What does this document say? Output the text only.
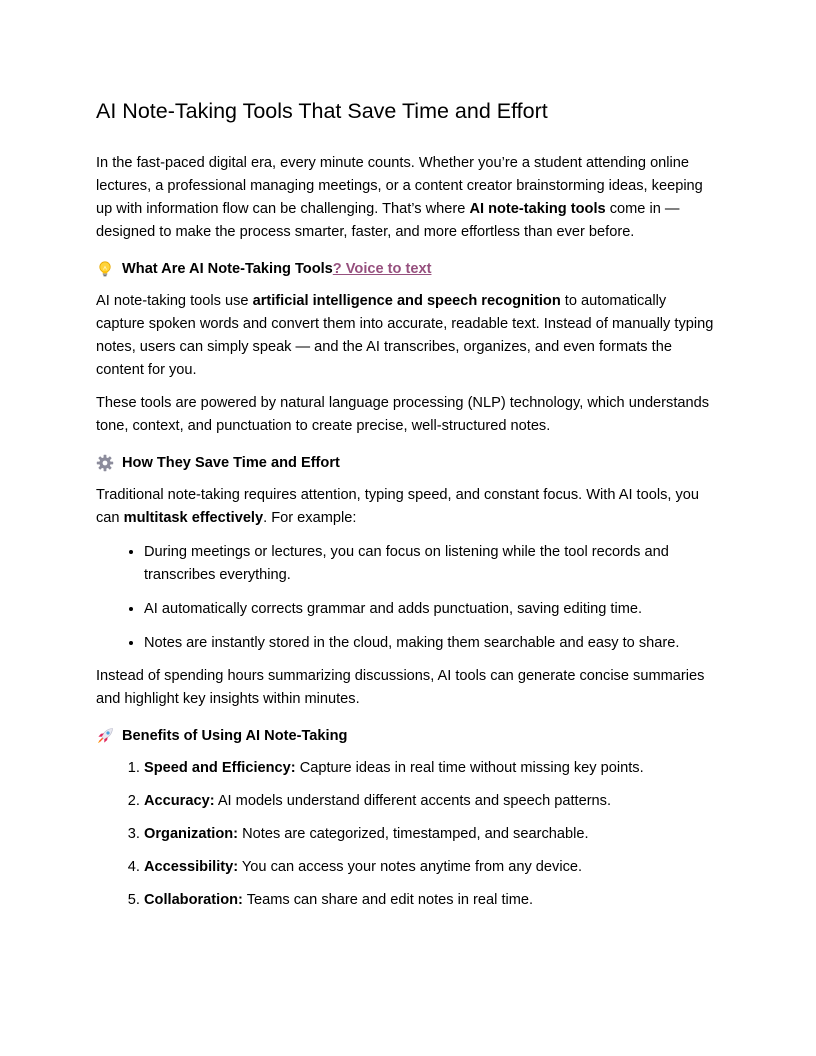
AI Note-Taking Tools That Save Time and Effort

In the fast-paced digital era, every minute counts. Whether you’re a student attending online lectures, a professional managing meetings, or a content creator brainstorming ideas, keeping up with information flow can be challenging. That’s where AI note-taking tools come in — designed to make the process smarter, faster, and more effortless than ever before.

What Are AI Note-Taking Tools ? Voice to text

AI note-taking tools use artificial intelligence and speech recognition to automatically capture spoken words and convert them into accurate, readable text. Instead of manually typing notes, users can simply speak — and the AI transcribes, organizes, and even formats the content for you.

These tools are powered by natural language processing (NLP) technology, which understands tone, context, and punctuation to create precise, well-structured notes.

How They Save Time and Effort

Traditional note-taking requires attention, typing speed, and constant focus. With AI tools, you can multitask effectively. For example:

• During meetings or lectures, you can focus on listening while the tool records and transcribes everything.
• AI automatically corrects grammar and adds punctuation, saving editing time.
• Notes are instantly stored in the cloud, making them searchable and easy to share.

Instead of spending hours summarizing discussions, AI tools can generate concise summaries and highlight key insights within minutes.

Benefits of Using AI Note-Taking
1. Speed and Efficiency: Capture ideas in real time without missing key points.
2. Accuracy: AI models understand different accents and speech patterns.
3. Organization: Notes are categorized, timestamped, and searchable.
4. Accessibility: You can access your notes anytime from any device.
5. Collaboration: Teams can share and edit notes in real time.
